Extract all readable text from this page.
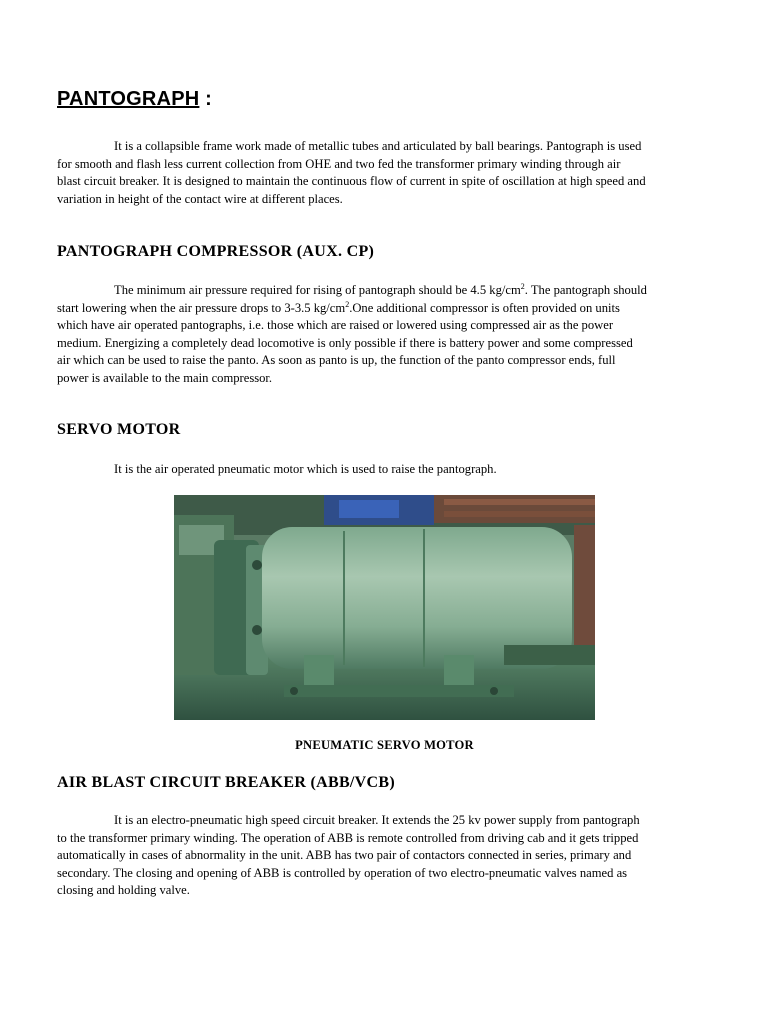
PANTOGRAPH :

It is a collapsible frame work made of metallic tubes and articulated by ball bearings. Pantograph is used for smooth and flash less current collection from OHE and two fed the transformer primary winding through air blast circuit breaker. It is designed to maintain the continuous flow of current in spite of oscillation at high speed and variation in height of the contact wire at different places.

PANTOGRAPH COMPRESSOR (AUX. CP)

The minimum air pressure required for rising of pantograph should be 4.5 $kg/cm^2$. The pantograph should start lowering when the air pressure drops to 3-3.5 $kg/cm^2.One$ additional compressor is often provided on units which have air operated pantographs, i.e. those which are raised or lowered using compressed air as the power medium. Energizing a completely dead locomotive is only possible if there is battery power and some compressed air which can be used to raise the panto. As soon as panto is up, the function of the panto compressor ends, full power is available to the main compressor.

SERVO MOTOR

It is the air operated pneumatic motor which is used to raise the pantograph.

PNEUMATIC SERVO MOTOR

AIR BLAST CIRCUIT BREAKER (ABB/VCB)

It is an electro-pneumatic high speed circuit breaker. It extends the 25 kv power supply from pantograph to the transformer primary winding. The operation of ABB is remote controlled from driving cab and it gets tripped automatically in cases of abnormality in the unit. ABB has two pair of contactors connected in series, primary and secondary. The closing and opening of ABB is controlled by operation of two electro-pneumatic valves named as closing and holding valve.
